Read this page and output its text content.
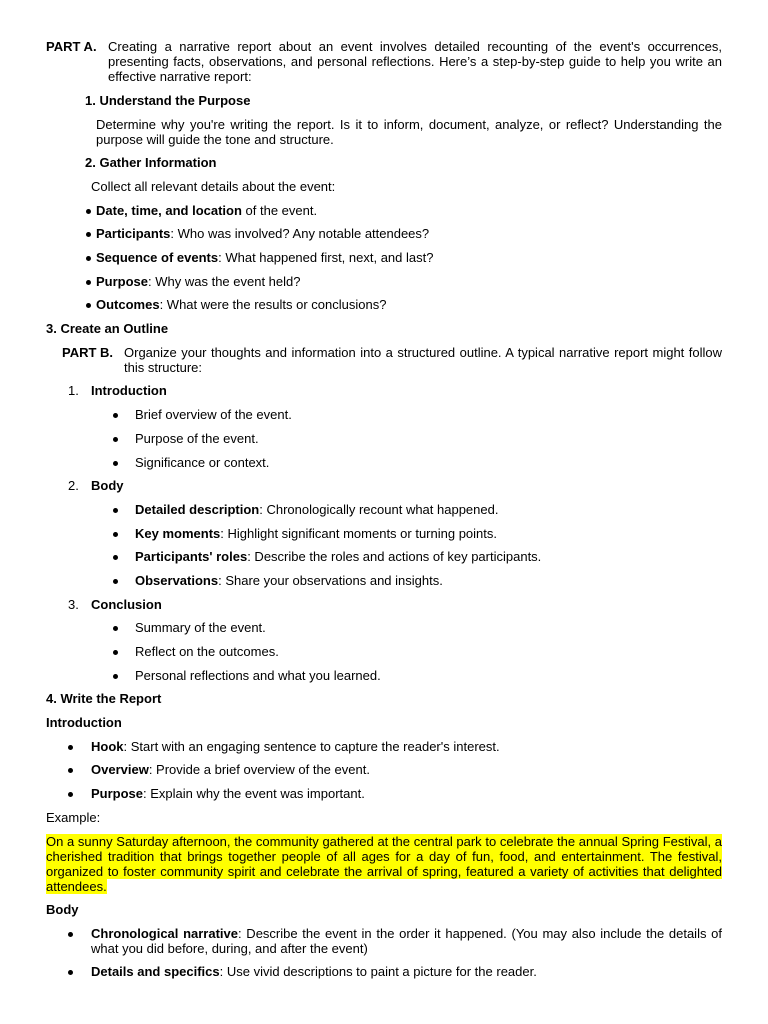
PART A. Creating a narrative report about an event involves detailed recounting of the event's occurrences, presenting facts, observations, and personal reflections. Here’s a step-by-step guide to help you write an effective narrative report:
1. Understand the Purpose
Determine why you're writing the report. Is it to inform, document, analyze, or reflect? Understanding the purpose will guide the tone and structure.
2. Gather Information
Collect all relevant details about the event:
Date, time, and location of the event.
Participants: Who was involved? Any notable attendees?
Sequence of events: What happened first, next, and last?
Purpose: Why was the event held?
Outcomes: What were the results or conclusions?
3. Create an Outline
PART B. Organize your thoughts and information into a structured outline. A typical narrative report might follow this structure:
1. Introduction
Brief overview of the event.
Purpose of the event.
Significance or context.
2. Body
Detailed description: Chronologically recount what happened.
Key moments: Highlight significant moments or turning points.
Participants' roles: Describe the roles and actions of key participants.
Observations: Share your observations and insights.
3. Conclusion
Summary of the event.
Reflect on the outcomes.
Personal reflections and what you learned.
4. Write the Report
Introduction
Hook: Start with an engaging sentence to capture the reader's interest.
Overview: Provide a brief overview of the event.
Purpose: Explain why the event was important.
Example:
On a sunny Saturday afternoon, the community gathered at the central park to celebrate the annual Spring Festival, a cherished tradition that brings together people of all ages for a day of fun, food, and entertainment. The festival, organized to foster community spirit and celebrate the arrival of spring, featured a variety of activities that delighted attendees.
Body
Chronological narrative: Describe the event in the order it happened. (You may also include the details of what you did before, during, and after the event)
Details and specifics: Use vivid descriptions to paint a picture for the reader.
